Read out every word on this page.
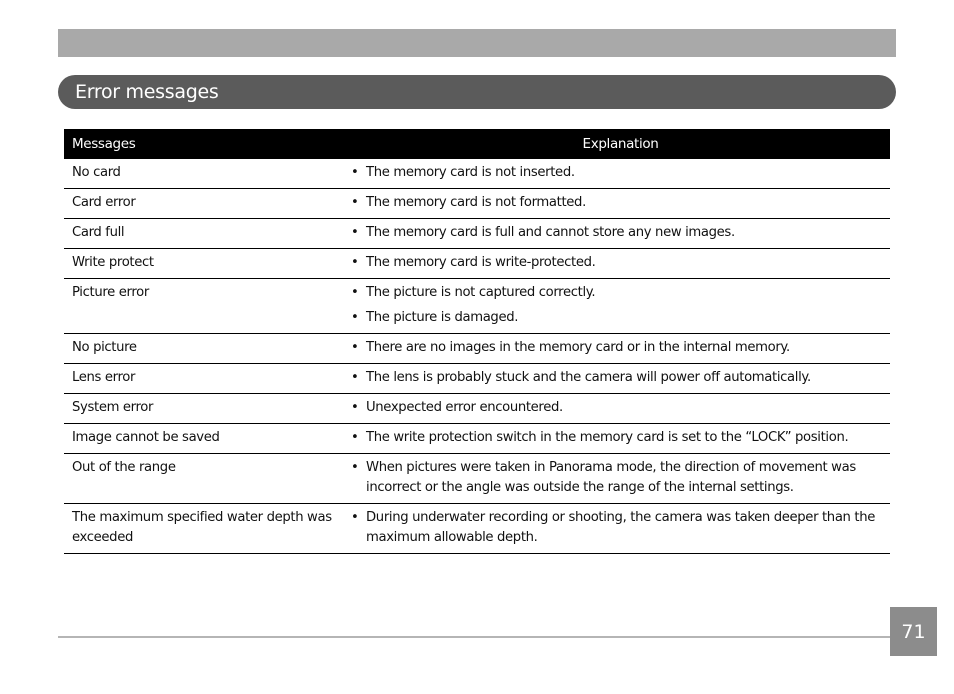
Error messages
Messages	Explanation
No card	• The memory card is not inserted.

Card error	• The memory card is not formatted.

Card full	• The memory card is full and cannot store any new images.

Write protect	• The memory card is write-protected.

Picture error	• The picture is not captured correctly.
• The picture is damaged.

No picture	• There are no images in the memory card or in the internal memory.

Lens error	• The lens is probably stuck and the camera will power off automatically.

System error	• Unexpected error encountered.

Image cannot be saved	• The write protection switch in the memory card is set to the “LOCK” position.

Out of the range	• When pictures were taken in Panorama mode, the direction of movement was incorrect or the angle was outside the range of the internal settings.

The maximum specified water depth was exceeded	• During underwater recording or shooting, the camera was taken deeper than the maximum allowable depth.
71
